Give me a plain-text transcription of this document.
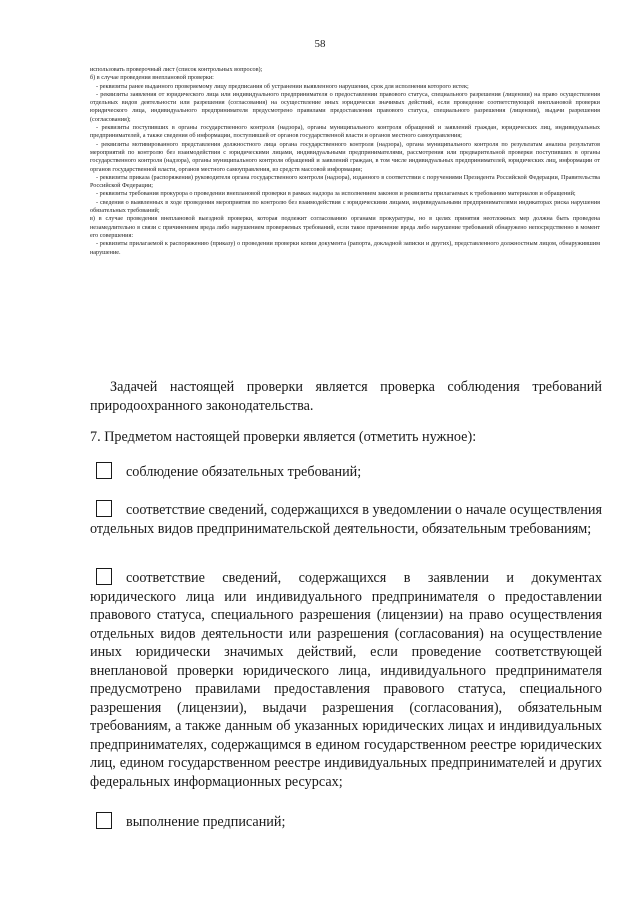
58

использовать проверочный лист (список контрольных вопросов);

б) в случае проведения внеплановой проверки:

- реквизиты ранее выданного проверяемому лицу предписания об устранении выявленного нарушения, срок для исполнения которого истек;

- реквизиты заявления от юридического лица или индивидуального предпринимателя о предоставлении правового статуса, специального разрешения (лицензии) на право осуществления отдельных видов деятельности или разрешения (согласования) на осуществление иных юридически значимых действий, если проведение соответствующей внеплановой проверки юридического лица, индивидуального предпринимателя предусмотрено правилами предоставления правового статуса, специального разрешения (лицензии), выдачи разрешения (согласования);

- реквизиты поступивших в органы государственного контроля (надзора), органы муниципального контроля обращений и заявлений граждан, юридических лиц, индивидуальных предпринимателей, а также сведения об информации, поступившей от органов государственной власти и органов местного самоуправления;

- реквизиты мотивированного представления должностного лица органа государственного контроля (надзора), органа муниципального контроля по результатам анализа результатов мероприятий по контролю без взаимодействия с юридическими лицами, индивидуальными предпринимателями, рассмотрения или предварительной проверки поступивших в органы государственного контроля (надзора), органы муниципального контроля обращений и заявлений граждан, в том числе индивидуальных предпринимателей, юридических лиц, информации от органов государственной власти, органов местного самоуправления, из средств массовой информации;

- реквизиты приказа (распоряжения) руководителя органа государственного контроля (надзора), изданного в соответствии с поручениями Президента Российской Федерации, Правительства Российской Федерации;

- реквизиты требования прокурора о проведении внеплановой проверки в рамках надзора за исполнением законов и реквизиты прилагаемых к требованию материалов и обращений;

- сведения о выявленных в ходе проведения мероприятия по контролю без взаимодействия с юридическими лицами, индивидуальными предпринимателями индикаторах риска нарушения обязательных требований;

в) в случае проведения внеплановой выездной проверки, которая подлежит согласованию органами прокуратуры, но в целях принятия неотложных мер должна быть проведена незамедлительно в связи с причинением вреда либо нарушением проверяемых требований, если такое причинение вреда либо нарушение требований обнаружено непосредственно в момент его совершения:

- реквизиты прилагаемой к распоряжению (приказу) о проведении проверки копии документа (рапорта, докладной записки и других), представленного должностным лицом, обнаружившим нарушение.

Задачей настоящей проверки является проверка соблюдения требований природоохранного законодательства.

7. Предметом настоящей проверки является (отметить нужное):

соблюдение обязательных требований;

соответствие сведений, содержащихся в уведомлении о начале осуществления отдельных видов предпринимательской деятельности, обязательным требованиям;

соответствие сведений, содержащихся в заявлении и документах юридического лица или индивидуального предпринимателя о предоставлении правового статуса, специального разрешения (лицензии) на право осуществления отдельных видов деятельности или разрешения (согласования) на осуществление иных юридически значимых действий, если проведение соответствующей внеплановой проверки юридического лица, индивидуального предпринимателя предусмотрено правилами предоставления правового статуса, специального разрешения (лицензии), выдачи разрешения (согласования), обязательным требованиям, а также данным об указанных юридических лицах и индивидуальных предпринимателях, содержащимся в едином государственном реестре юридических лиц, едином государственном реестре индивидуальных предпринимателей и других федеральных информационных ресурсах;

выполнение предписаний;
